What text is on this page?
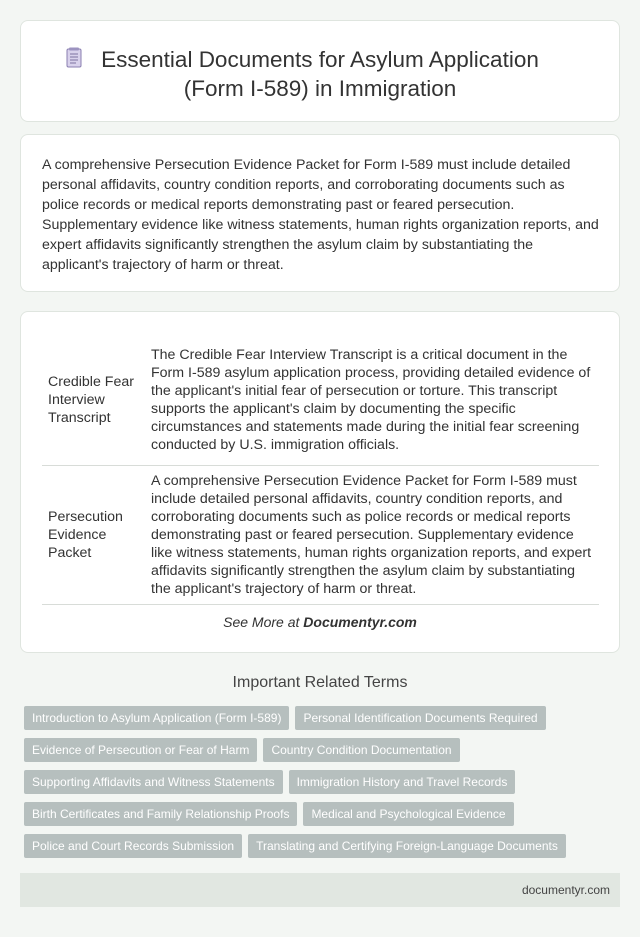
Essential Documents for Asylum Application
(Form I-589) in Immigration

A comprehensive Persecution Evidence Packet for Form I-589 must include detailed personal affidavits, country condition reports, and corroborating documents such as police records or medical reports demonstrating past or feared persecution. Supplementary evidence like witness statements, human rights organization reports, and expert affidavits significantly strengthen the asylum claim by substantiating the applicant's trajectory of harm or threat.

Credible Fear Interview Transcript	The Credible Fear Interview Transcript is a critical document in the Form I-589 asylum application process, providing detailed evidence of the applicant's initial fear of persecution or torture. This transcript supports the applicant's claim by documenting the specific circumstances and statements made during the initial fear screening conducted by U.S. immigration officials.
Persecution Evidence Packet	A comprehensive Persecution Evidence Packet for Form I-589 must include detailed personal affidavits, country condition reports, and corroborating documents such as police records or medical reports demonstrating past or feared persecution. Supplementary evidence like witness statements, human rights organization reports, and expert affidavits significantly strengthen the asylum claim by substantiating the applicant's trajectory of harm or threat.
See More at Documentyr.com
Important Related Terms
Introduction to Asylum Application (Form I-589) Personal Identification Documents Required
Evidence of Persecution or Fear of Harm Country Condition Documentation
Supporting Affidavits and Witness Statements Immigration History and Travel Records
Birth Certificates and Family Relationship Proofs Medical and Psychological Evidence
Police and Court Records Submission Translating and Certifying Foreign-Language Documents
documentyr.com
